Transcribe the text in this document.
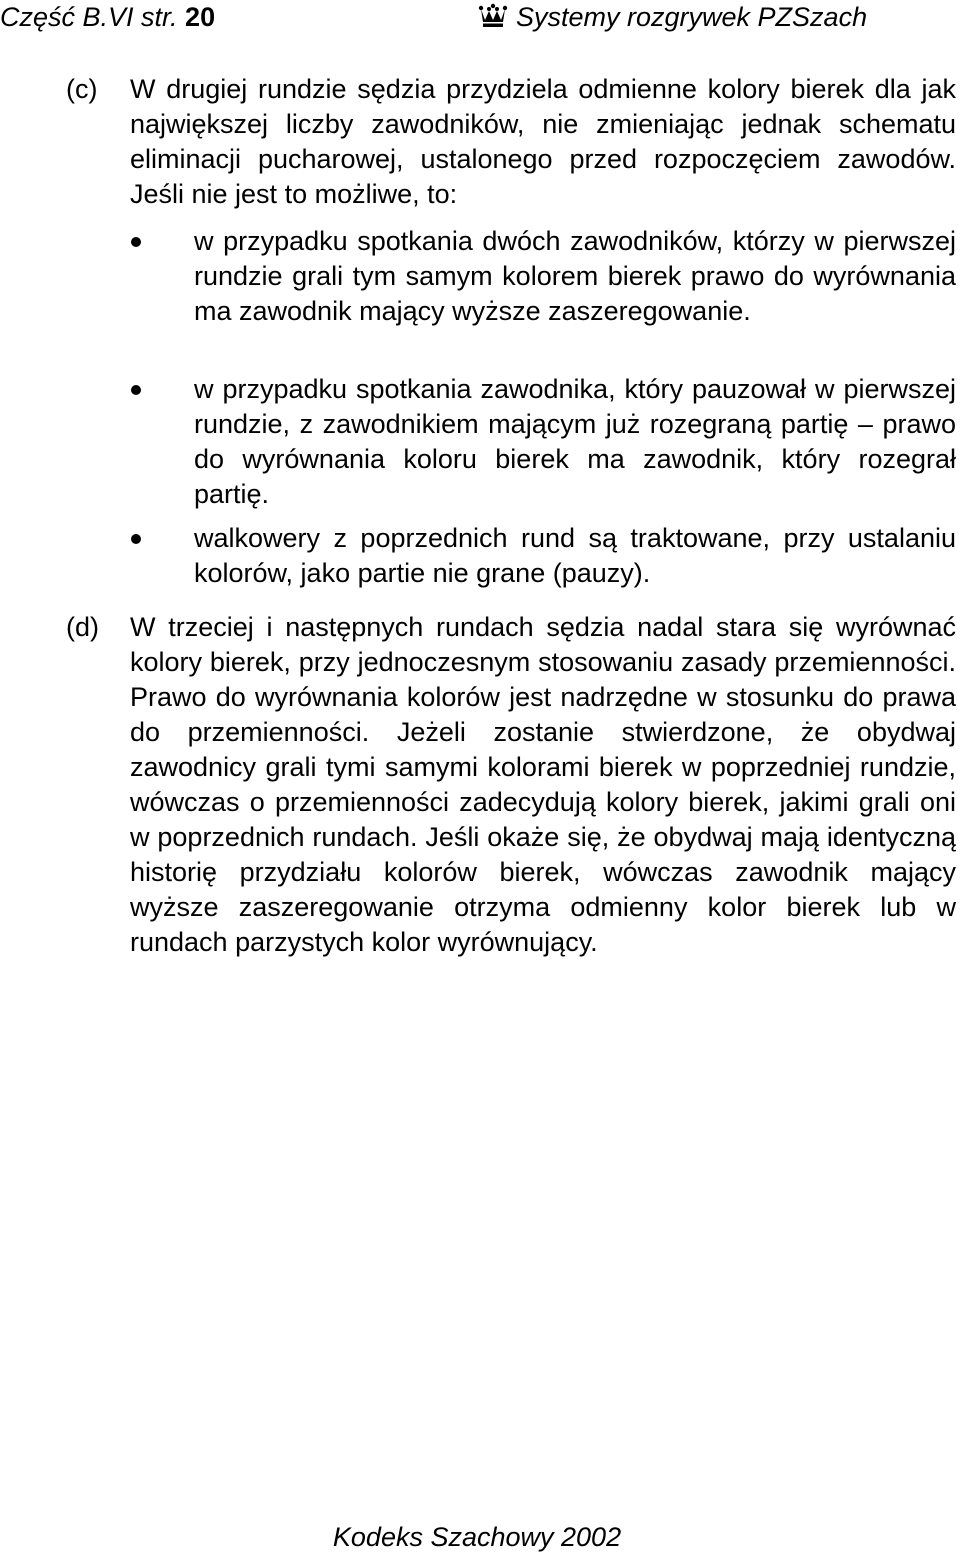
Część B.VI str. 20	Systemy rozgrywek PZSzach
(c) W drugiej rundzie sędzia przydziela odmienne kolory bierek dla jak największej liczby zawodników, nie zmieniając jednak schematu eliminacji pucharowej, ustalonego przed rozpoczęciem zawodów. Jeśli nie jest to możliwe, to:
w przypadku spotkania dwóch zawodników, którzy w pierwszej rundzie grali tym samym kolorem bierek prawo do wyrównania ma zawodnik mający wyższe zaszeregowanie.
w przypadku spotkania zawodnika, który pauzował w pierwszej rundzie, z zawodnikiem mającym już rozegraną partię – prawo do wyrównania koloru bierek ma zawodnik, który rozegrał partię.
walkowery z poprzednich rund są traktowane, przy ustalaniu kolorów, jako partie nie grane (pauzy).
(d) W trzeciej i następnych rundach sędzia nadal stara się wyrównać kolory bierek, przy jednoczesnym stosowaniu zasady przemienności. Prawo do wyrównania kolorów jest nadrzędne w stosunku do prawa do przemienności. Jeżeli zostanie stwierdzone, że obydwaj zawodnicy grali tymi samymi kolorami bierek w poprzedniej rundzie, wówczas o przemienności zadecydują kolory bierek, jakimi grali oni w poprzednich rundach. Jeśli okaże się, że obydwaj mają identyczną historię przydziału kolorów bierek, wówczas zawodnik mający wyższe zaszeregowanie otrzyma odmienny kolor bierek lub w rundach parzystych kolor wyrównujący.
Kodeks Szachowy 2002
